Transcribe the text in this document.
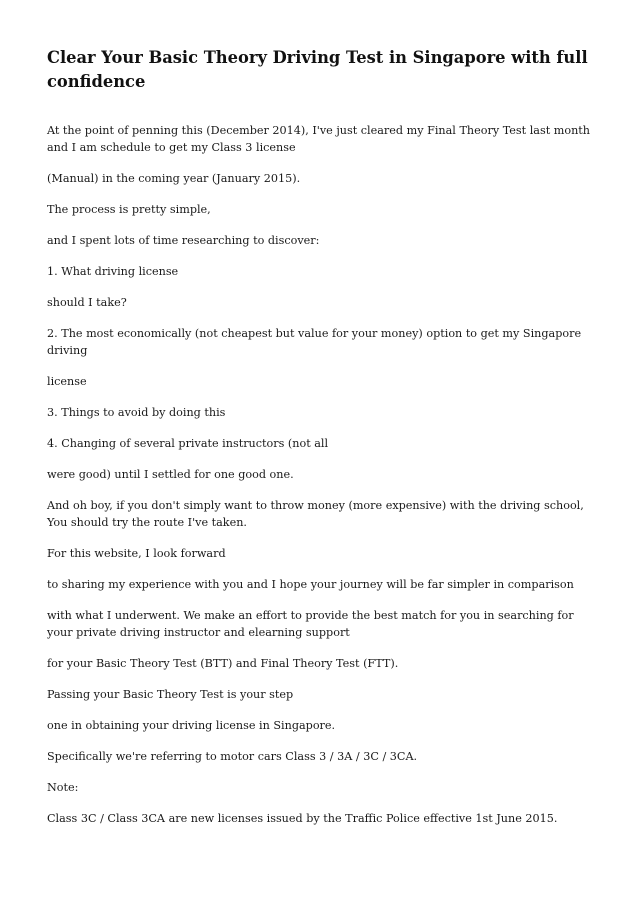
Clear Your Basic Theory Driving Test in Singapore with full confidence

At the point of penning this (December 2014), I've just cleared my Final Theory Test last month and I am schedule to get my Class 3 license

(Manual) in the coming year (January 2015).

The process is pretty simple,

and I spent lots of time researching to discover:

1. What driving license

should I take?

2. The most economically (not cheapest but value for your money) option to get my Singapore driving

license

3. Things to avoid by doing this

4. Changing of several private instructors (not all

were good) until I settled for one good one.

And oh boy, if you don't simply want to throw money (more expensive) with the driving school, You should try the route I've taken.

For this website, I look forward

to sharing my experience with you and I hope your journey will be far simpler in comparison

with what I underwent. We make an effort to provide the best match for you in searching for your private driving instructor and elearning support

for your Basic Theory Test (BTT) and Final Theory Test (FTT).

Passing your Basic Theory Test is your step

one in obtaining your driving license in Singapore.

Specifically we're referring to motor cars Class 3 / 3A / 3C / 3CA.

Note:

Class 3C / Class 3CA are new licenses issued by the Traffic Police effective 1st June 2015.
